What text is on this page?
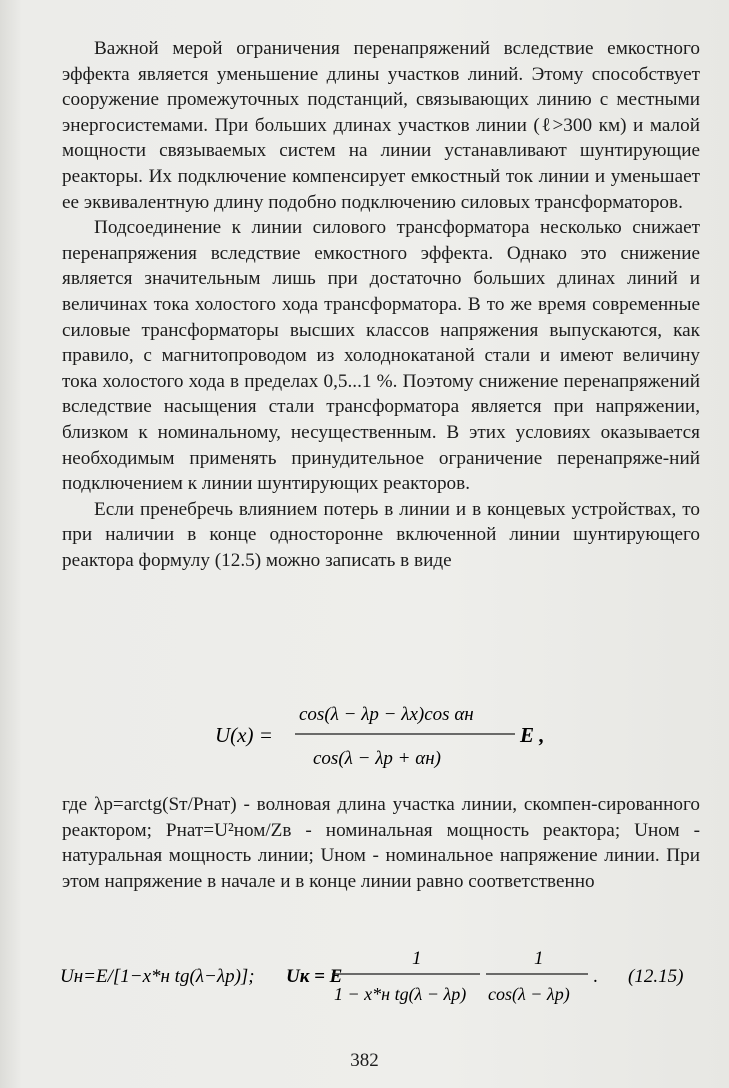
Важной мерой ограничения перенапряжений вследствие емкостного эффекта является уменьшение длины участков линий. Этому способствует сооружение промежуточных подстанций, связывающих линию с местными энергосистемами. При больших длинах участков линии (ℓ>300 км) и малой мощности связываемых систем на линии устанавливают шунтирующие реакторы. Их подключение компенсирует емкостный ток линии и уменьшает ее эквивалентную длину подобно подключению силовых трансформаторов.

Подсоединение к линии силового трансформатора несколько снижает перенапряжения вследствие емкостного эффекта. Однако это снижение является значительным лишь при достаточно больших длинах линий и величинах тока холостого хода трансформатора. В то же время современные силовые трансформаторы высших классов напряжения выпускаются, как правило, с магнитопроводом из холоднокатаной стали и имеют величину тока холостого хода в пределах 0,5...1 %. Поэтому снижение перенапряжений вследствие насыщения стали трансформатора является при напряжении, близком к номинальному, несущественным. В этих условиях оказывается необходимым применять принудительное ограничение перенапряже-ний подключением к линии шунтирующих реакторов.

Если пренебречь влиянием потерь в линии и в концевых устройствах, то при наличии в конце односторонне включенной линии шунтирующего реактора формулу (12.5) можно записать в виде

U(x) =
cos(λ − λp − λx)cos αн
cos(λ − λp + αн)
E ,
где λр=arctg(Sт/Pнат) - волновая длина участка линии, скомпен-сированного реактором; Pнат=U²ном/Zв - номинальная мощность реактора; Uном - натуральная мощность линии; Uном - номинальное напряжение линии. При этом напряжение в начале и в конце линии равно соответственно
Uн=E/[1−x*н tg(λ−λр)]; Uк = E
1
1 − x*н tg(λ − λр)
1
cos(λ − λр)
. (12.15)
382
